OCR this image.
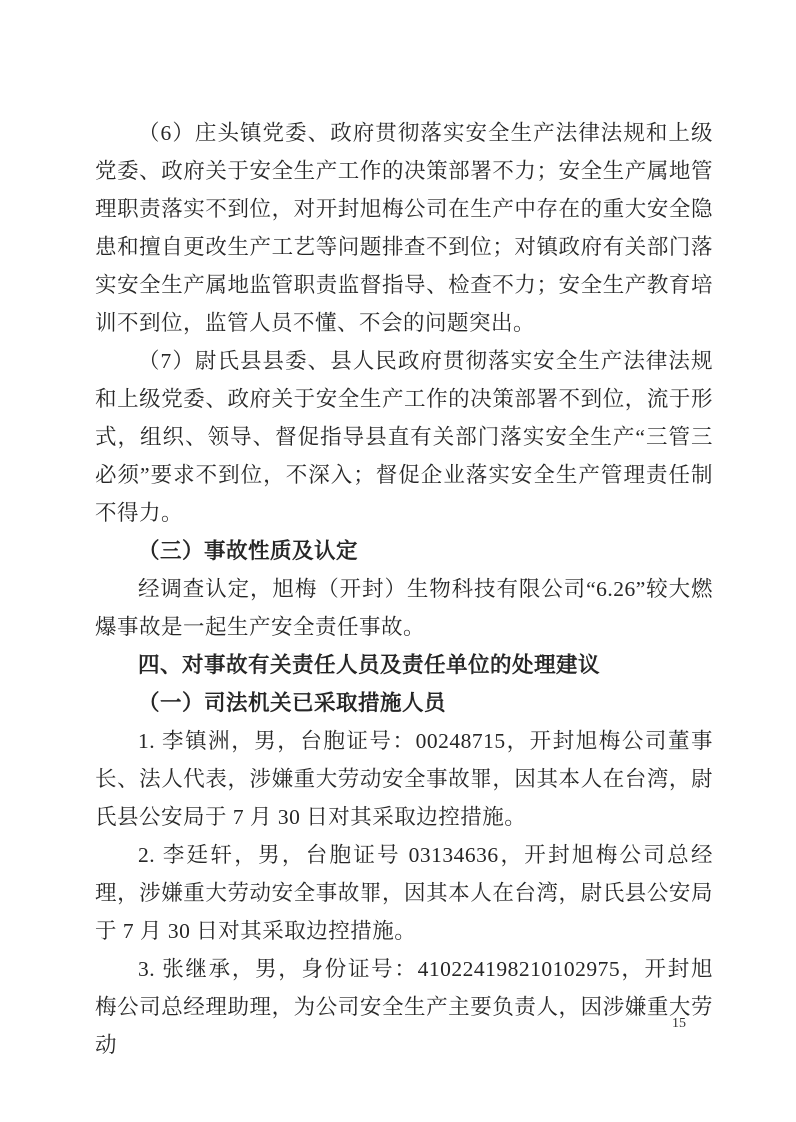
（6）庄头镇党委、政府贯彻落实安全生产法律法规和上级党委、政府关于安全生产工作的决策部署不力；安全生产属地管理职责落实不到位，对开封旭梅公司在生产中存在的重大安全隐患和擅自更改生产工艺等问题排查不到位；对镇政府有关部门落实安全生产属地监管职责监督指导、检查不力；安全生产教育培训不到位，监管人员不懂、不会的问题突出。

（7）尉氏县县委、县人民政府贯彻落实安全生产法律法规和上级党委、政府关于安全生产工作的决策部署不到位，流于形式，组织、领导、督促指导县直有关部门落实安全生产“三管三必须”要求不到位，不深入；督促企业落实安全生产管理责任制不得力。

（三）事故性质及认定

经调查认定，旭梅（开封）生物科技有限公司“6.26”较大燃爆事故是一起生产安全责任事故。

四、对事故有关责任人员及责任单位的处理建议

（一）司法机关已采取措施人员

1. 李镇洲，男，台胞证号：00248715，开封旭梅公司董事长、法人代表，涉嫌重大劳动安全事故罪，因其本人在台湾，尉氏县公安局于 7 月 30 日对其采取边控措施。

2. 李廷轩，男，台胞证号 03134636，开封旭梅公司总经理，涉嫌重大劳动安全事故罪，因其本人在台湾，尉氏县公安局于 7 月 30 日对其采取边控措施。

3. 张继承，男，身份证号：410224198210102975，开封旭梅公司总经理助理，为公司安全生产主要负责人，因涉嫌重大劳动

15
